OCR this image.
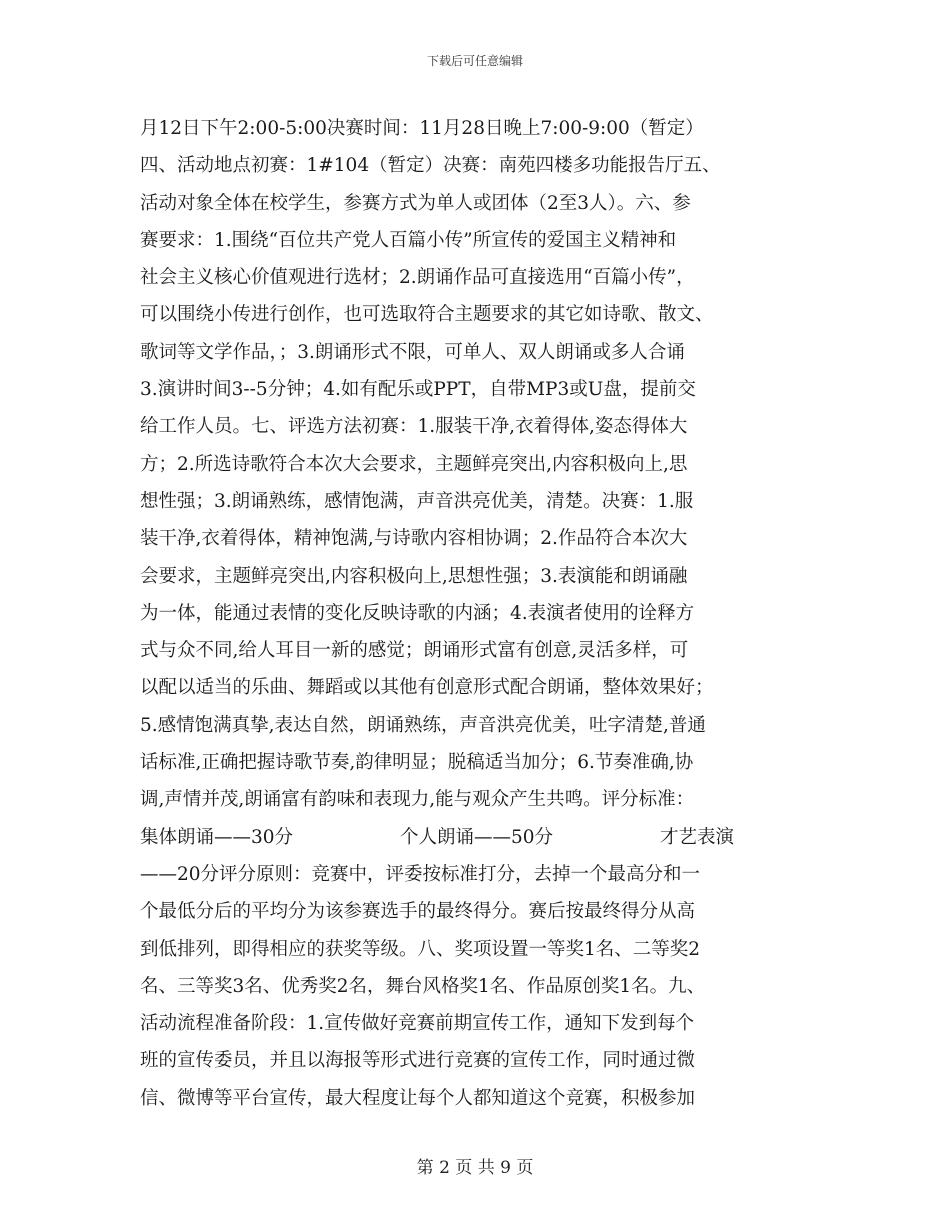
下载后可任意编辑
月12日下午2:00-5:00决赛时间：11月28日晚上7:00-9:00（暂定）
四、活动地点初赛：1#104（暂定）决赛：南苑四楼多功能报告厅五、
活动对象全体在校学生，参赛方式为单人或团体（2至3人）。六、参
赛要求：1.围绕“百位共产党人百篇小传”所宣传的爱国主义精神和
社会主义核心价值观进行选材；2.朗诵作品可直接选用“百篇小传”，
可以围绕小传进行创作，也可选取符合主题要求的其它如诗歌、散文、
歌词等文学作品，；3.朗诵形式不限，可单人、双人朗诵或多人合诵
3.演讲时间3--5分钟；4.如有配乐或PPT，自带MP3或U盘，提前交
给工作人员。七、评选方法初赛：1.服装干净,衣着得体,姿态得体大
方；2.所选诗歌符合本次大会要求，主题鲜亮突出,内容积极向上,思
想性强；3.朗诵熟练，感情饱满，声音洪亮优美，清楚。决赛：1.服
装干净,衣着得体，精神饱满,与诗歌内容相协调；2.作品符合本次大
会要求，主题鲜亮突出,内容积极向上,思想性强；3.表演能和朗诵融
为一体，能通过表情的变化反映诗歌的内涵；4.表演者使用的诠释方
式与众不同,给人耳目一新的感觉；朗诵形式富有创意,灵活多样，可
以配以适当的乐曲、舞蹈或以其他有创意形式配合朗诵，整体效果好；
5.感情饱满真挚,表达自然，朗诵熟练，声音洪亮优美，吐字清楚,普通
话标准,正确把握诗歌节奏,韵律明显；脱稿适当加分；6.节奏准确,协
调,声情并茂,朗诵富有韵味和表现力,能与观众产生共鸣。评分标准：
集体朗诵——30分	个人朗诵——50分	才艺表演
——20分评分原则：竞赛中，评委按标准打分，去掉一个最高分和一
个最低分后的平均分为该参赛选手的最终得分。赛后按最终得分从高
到低排列，即得相应的获奖等级。八、奖项设置一等奖1名、二等奖2
名、三等奖3名、优秀奖2名，舞台风格奖1名、作品原创奖1名。九、
活动流程准备阶段：1.宣传做好竞赛前期宣传工作，通知下发到每个
班的宣传委员，并且以海报等形式进行竞赛的宣传工作，同时通过微
信、微博等平台宣传，最大程度让每个人都知道这个竞赛，积极参加
第 2 页 共 9 页
